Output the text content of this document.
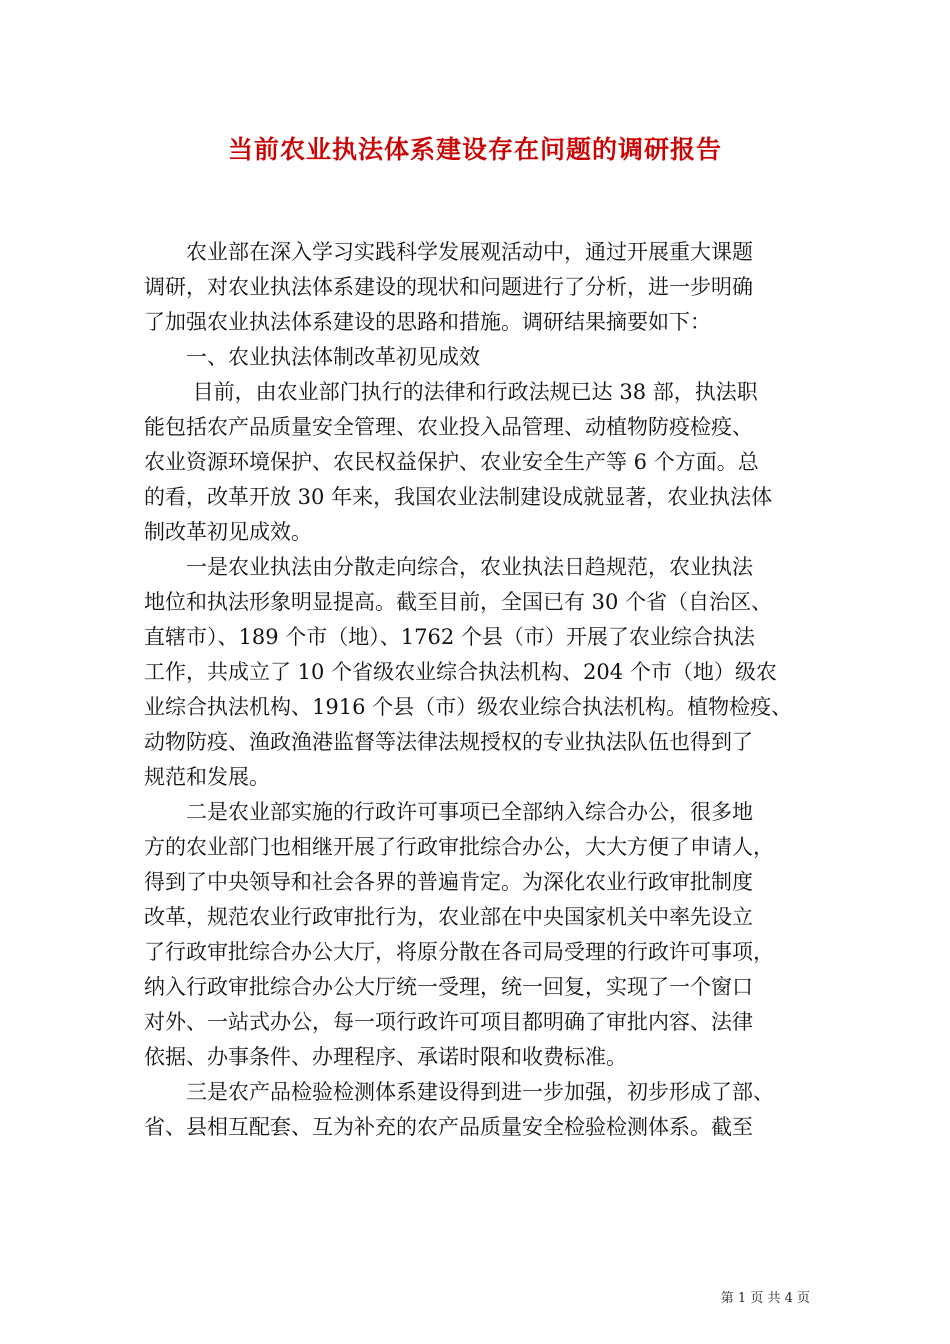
当前农业执法体系建设存在问题的调研报告
　　农业部在深入学习实践科学发展观活动中，通过开展重大课题
调研，对农业执法体系建设的现状和问题进行了分析，进一步明确
了加强农业执法体系建设的思路和措施。调研结果摘要如下：
　　一、农业执法体制改革初见成效
　　 目前，由农业部门执行的法律和行政法规已达 38 部，执法职
能包括农产品质量安全管理、农业投入品管理、动植物防疫检疫、
农业资源环境保护、农民权益保护、农业安全生产等 6 个方面。总
的看，改革开放 30 年来，我国农业法制建设成就显著，农业执法体
制改革初见成效。
　　一是农业执法由分散走向综合，农业执法日趋规范，农业执法
地位和执法形象明显提高。截至目前，全国已有 30 个省（自治区、
直辖市）、189 个市（地）、1762 个县（市）开展了农业综合执法
工作，共成立了 10 个省级农业综合执法机构、204 个市（地）级农
业综合执法机构、1916 个县（市）级农业综合执法机构。植物检疫、
动物防疫、渔政渔港监督等法律法规授权的专业执法队伍也得到了
规范和发展。
　　二是农业部实施的行政许可事项已全部纳入综合办公，很多地
方的农业部门也相继开展了行政审批综合办公，大大方便了申请人，
得到了中央领导和社会各界的普遍肯定。为深化农业行政审批制度
改革，规范农业行政审批行为，农业部在中央国家机关中率先设立
了行政审批综合办公大厅，将原分散在各司局受理的行政许可事项，
纳入行政审批综合办公大厅统一受理，统一回复，实现了一个窗口
对外、一站式办公，每一项行政许可项目都明确了审批内容、法律
依据、办事条件、办理程序、承诺时限和收费标准。
　　三是农产品检验检测体系建设得到进一步加强，初步形成了部、
省、县相互配套、互为补充的农产品质量安全检验检测体系。截至
第 1 页 共 4 页
